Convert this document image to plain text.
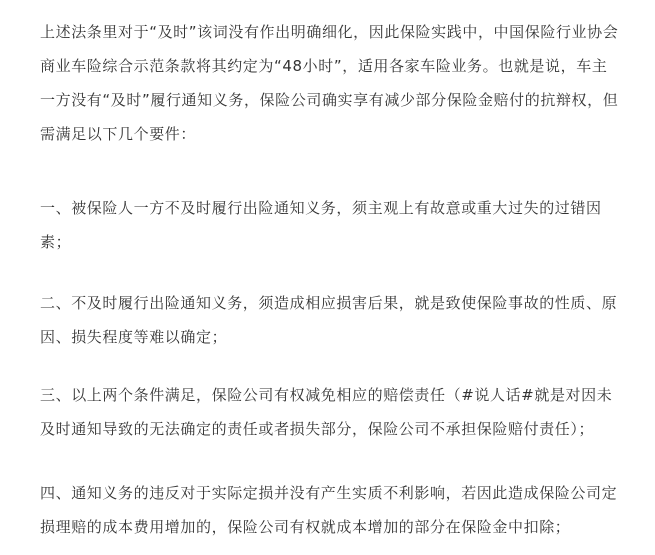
上述法条里对于“及时”该词没有作出明确细化，因此保险实践中，中国保险行业协会商业车险综合示范条款将其约定为“48小时”，适用各家车险业务。也就是说，车主一方没有“及时”履行通知义务，保险公司确实享有减少部分保险金赔付的抗辩权，但需满足以下几个要件：

一、被保险人一方不及时履行出险通知义务，须主观上有故意或重大过失的过错因素；

二、不及时履行出险通知义务，须造成相应损害后果，就是致使保险事故的性质、原因、损失程度等难以确定；

三、以上两个条件满足，保险公司有权减免相应的赔偿责任（#说人话#就是对因未及时通知导致的无法确定的责任或者损失部分，保险公司不承担保险赔付责任）；

四、通知义务的违反对于实际定损并没有产生实质不利影响，若因此造成保险公司定损理赔的成本费用增加的，保险公司有权就成本增加的部分在保险金中扣除；
